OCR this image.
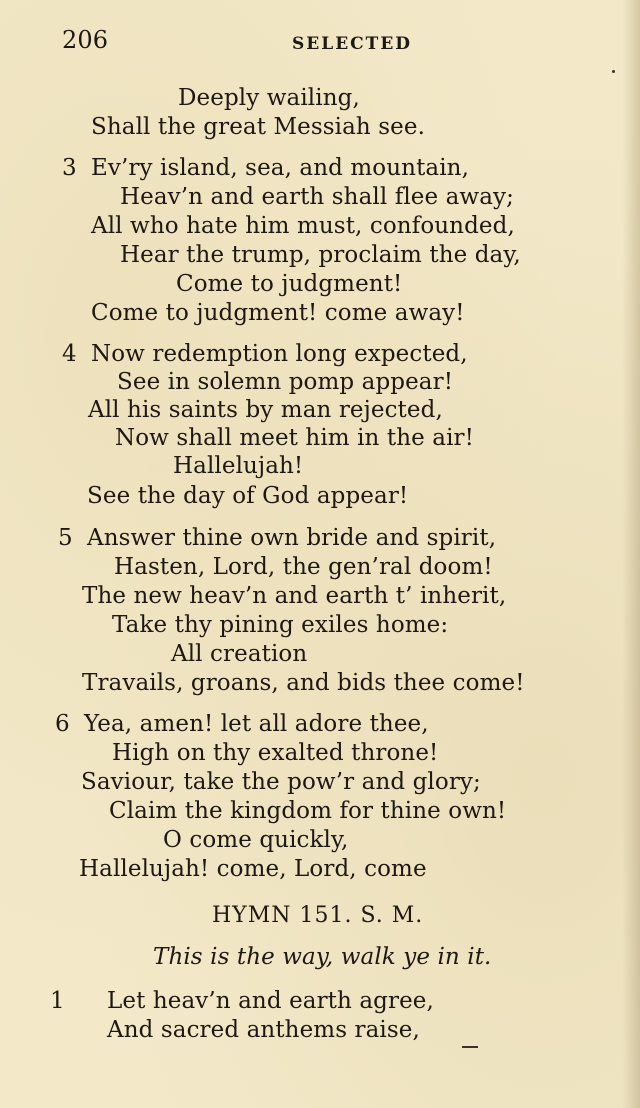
206	SELECTED
Deeply wailing,
Shall the great Messiah see.
3 Ev’ry island, sea, and mountain,
Heav’n and earth shall flee away;
All who hate him must, confounded,
Hear the trump, proclaim the day,
Come to judgment!
Come to judgment! come away!
4 Now redemption long expected,
See in solemn pomp appear!
All his saints by man rejected,
Now shall meet him in the air!
Hallelujah!
See the day of God appear!
5 Answer thine own bride and spirit,
Hasten, Lord, the gen’ral doom!
The new heav’n and earth t’ inherit,
Take thy pining exiles home:
All creation
Travails, groans, and bids thee come!
6 Yea, amen! let all adore thee,
High on thy exalted throne!
Saviour, take the pow’r and glory;
Claim the kingdom for thine own!
O come quickly,
Hallelujah! come, Lord, come
HYMN 151. S. M.
This is the way, walk ye in it.
1 Let heav’n and earth agree,
And sacred anthems raise,
